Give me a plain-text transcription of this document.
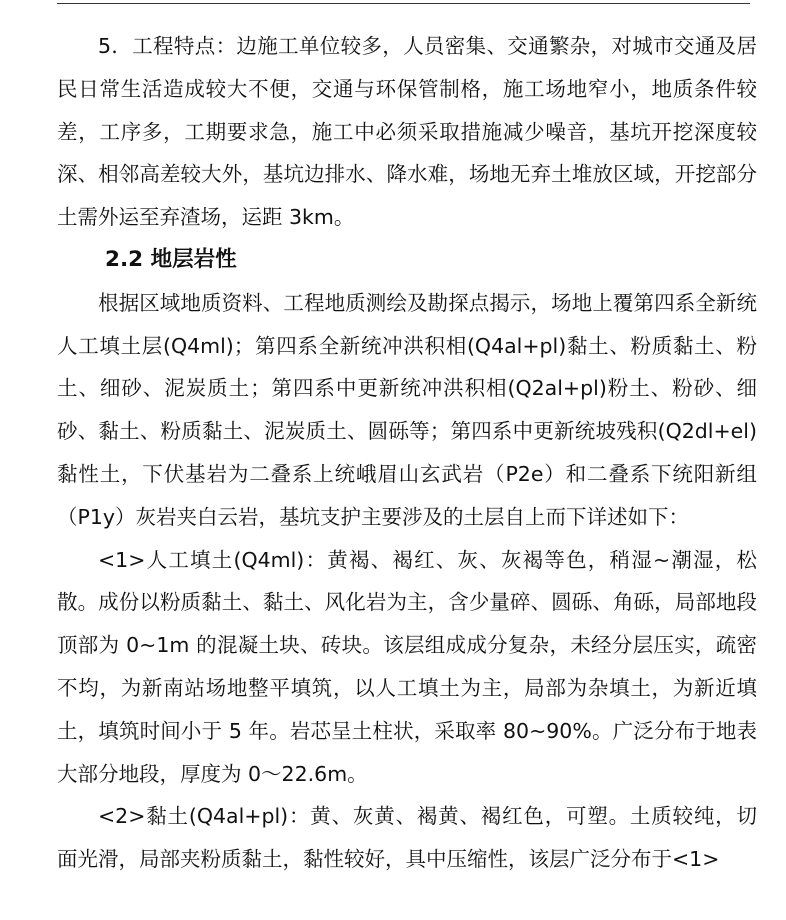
5．工程特点：边施工单位较多，人员密集、交通繁杂，对城市交通及居民日常生活造成较大不便，交通与环保管制格，施工场地窄小，地质条件较差，工序多，工期要求急，施工中必须采取措施减少噪音，基坑开挖深度较深、相邻高差较大外，基坑边排水、降水难，场地无弃土堆放区域，开挖部分土需外运至弃渣场，运距 3km。

2.2 地层岩性

根据区域地质资料、工程地质测绘及勘探点揭示，场地上覆第四系全新统人工填土层(Q4ml)；第四系全新统冲洪积相(Q4al+pl)黏土、粉质黏土、粉土、细砂、泥炭质土；第四系中更新统冲洪积相(Q2al+pl)粉土、粉砂、细砂、黏土、粉质黏土、泥炭质土、圆砾等；第四系中更新统坡残积(Q2dl+el)黏性土，下伏基岩为二叠系上统峨眉山玄武岩（P2e）和二叠系下统阳新组（P1y）灰岩夹白云岩，基坑支护主要涉及的土层自上而下详述如下：

<1>人工填土(Q4ml)：黄褐、褐红、灰、灰褐等色，稍湿~潮湿，松散。成份以粉质黏土、黏土、风化岩为主，含少量碎、圆砾、角砾，局部地段顶部为 0~1m 的混凝土块、砖块。该层组成成分复杂，未经分层压实，疏密不均，为新南站场地整平填筑，以人工填土为主，局部为杂填土，为新近填土，填筑时间小于 5 年。岩芯呈土柱状，采取率 80~90%。广泛分布于地表大部分地段，厚度为 0～22.6m。

<2>黏土(Q4al+pl)：黄、灰黄、褐黄、褐红色，可塑。土质较纯，切面光滑，局部夹粉质黏土，黏性较好，具中压缩性，该层广泛分布于<1>
